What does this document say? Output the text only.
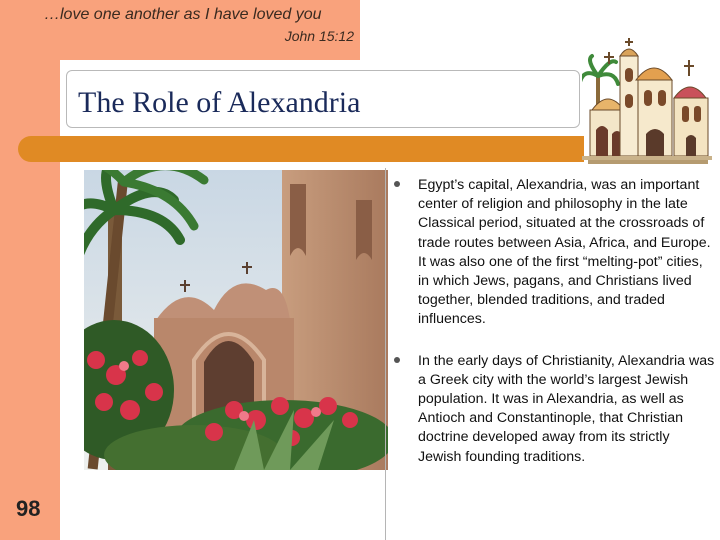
…love one another as I have loved you
John 15:12
The Role of Alexandria

Egypt’s capital, Alexandria, was an important center of religion and philosophy in the late Classical period, situated at the crossroads of trade routes between Asia, Africa, and Europe. It was also one of the first “melting-pot” cities, in which Jews, pagans, and Christians lived together, blended traditions, and traded influences.

In the early days of Christianity, Alexandria was a Greek city with the world’s largest Jewish population. It was in Alexandria, as well as Antioch and Constantinople, that Christian doctrine developed away from its strictly Jewish founding traditions.

98
